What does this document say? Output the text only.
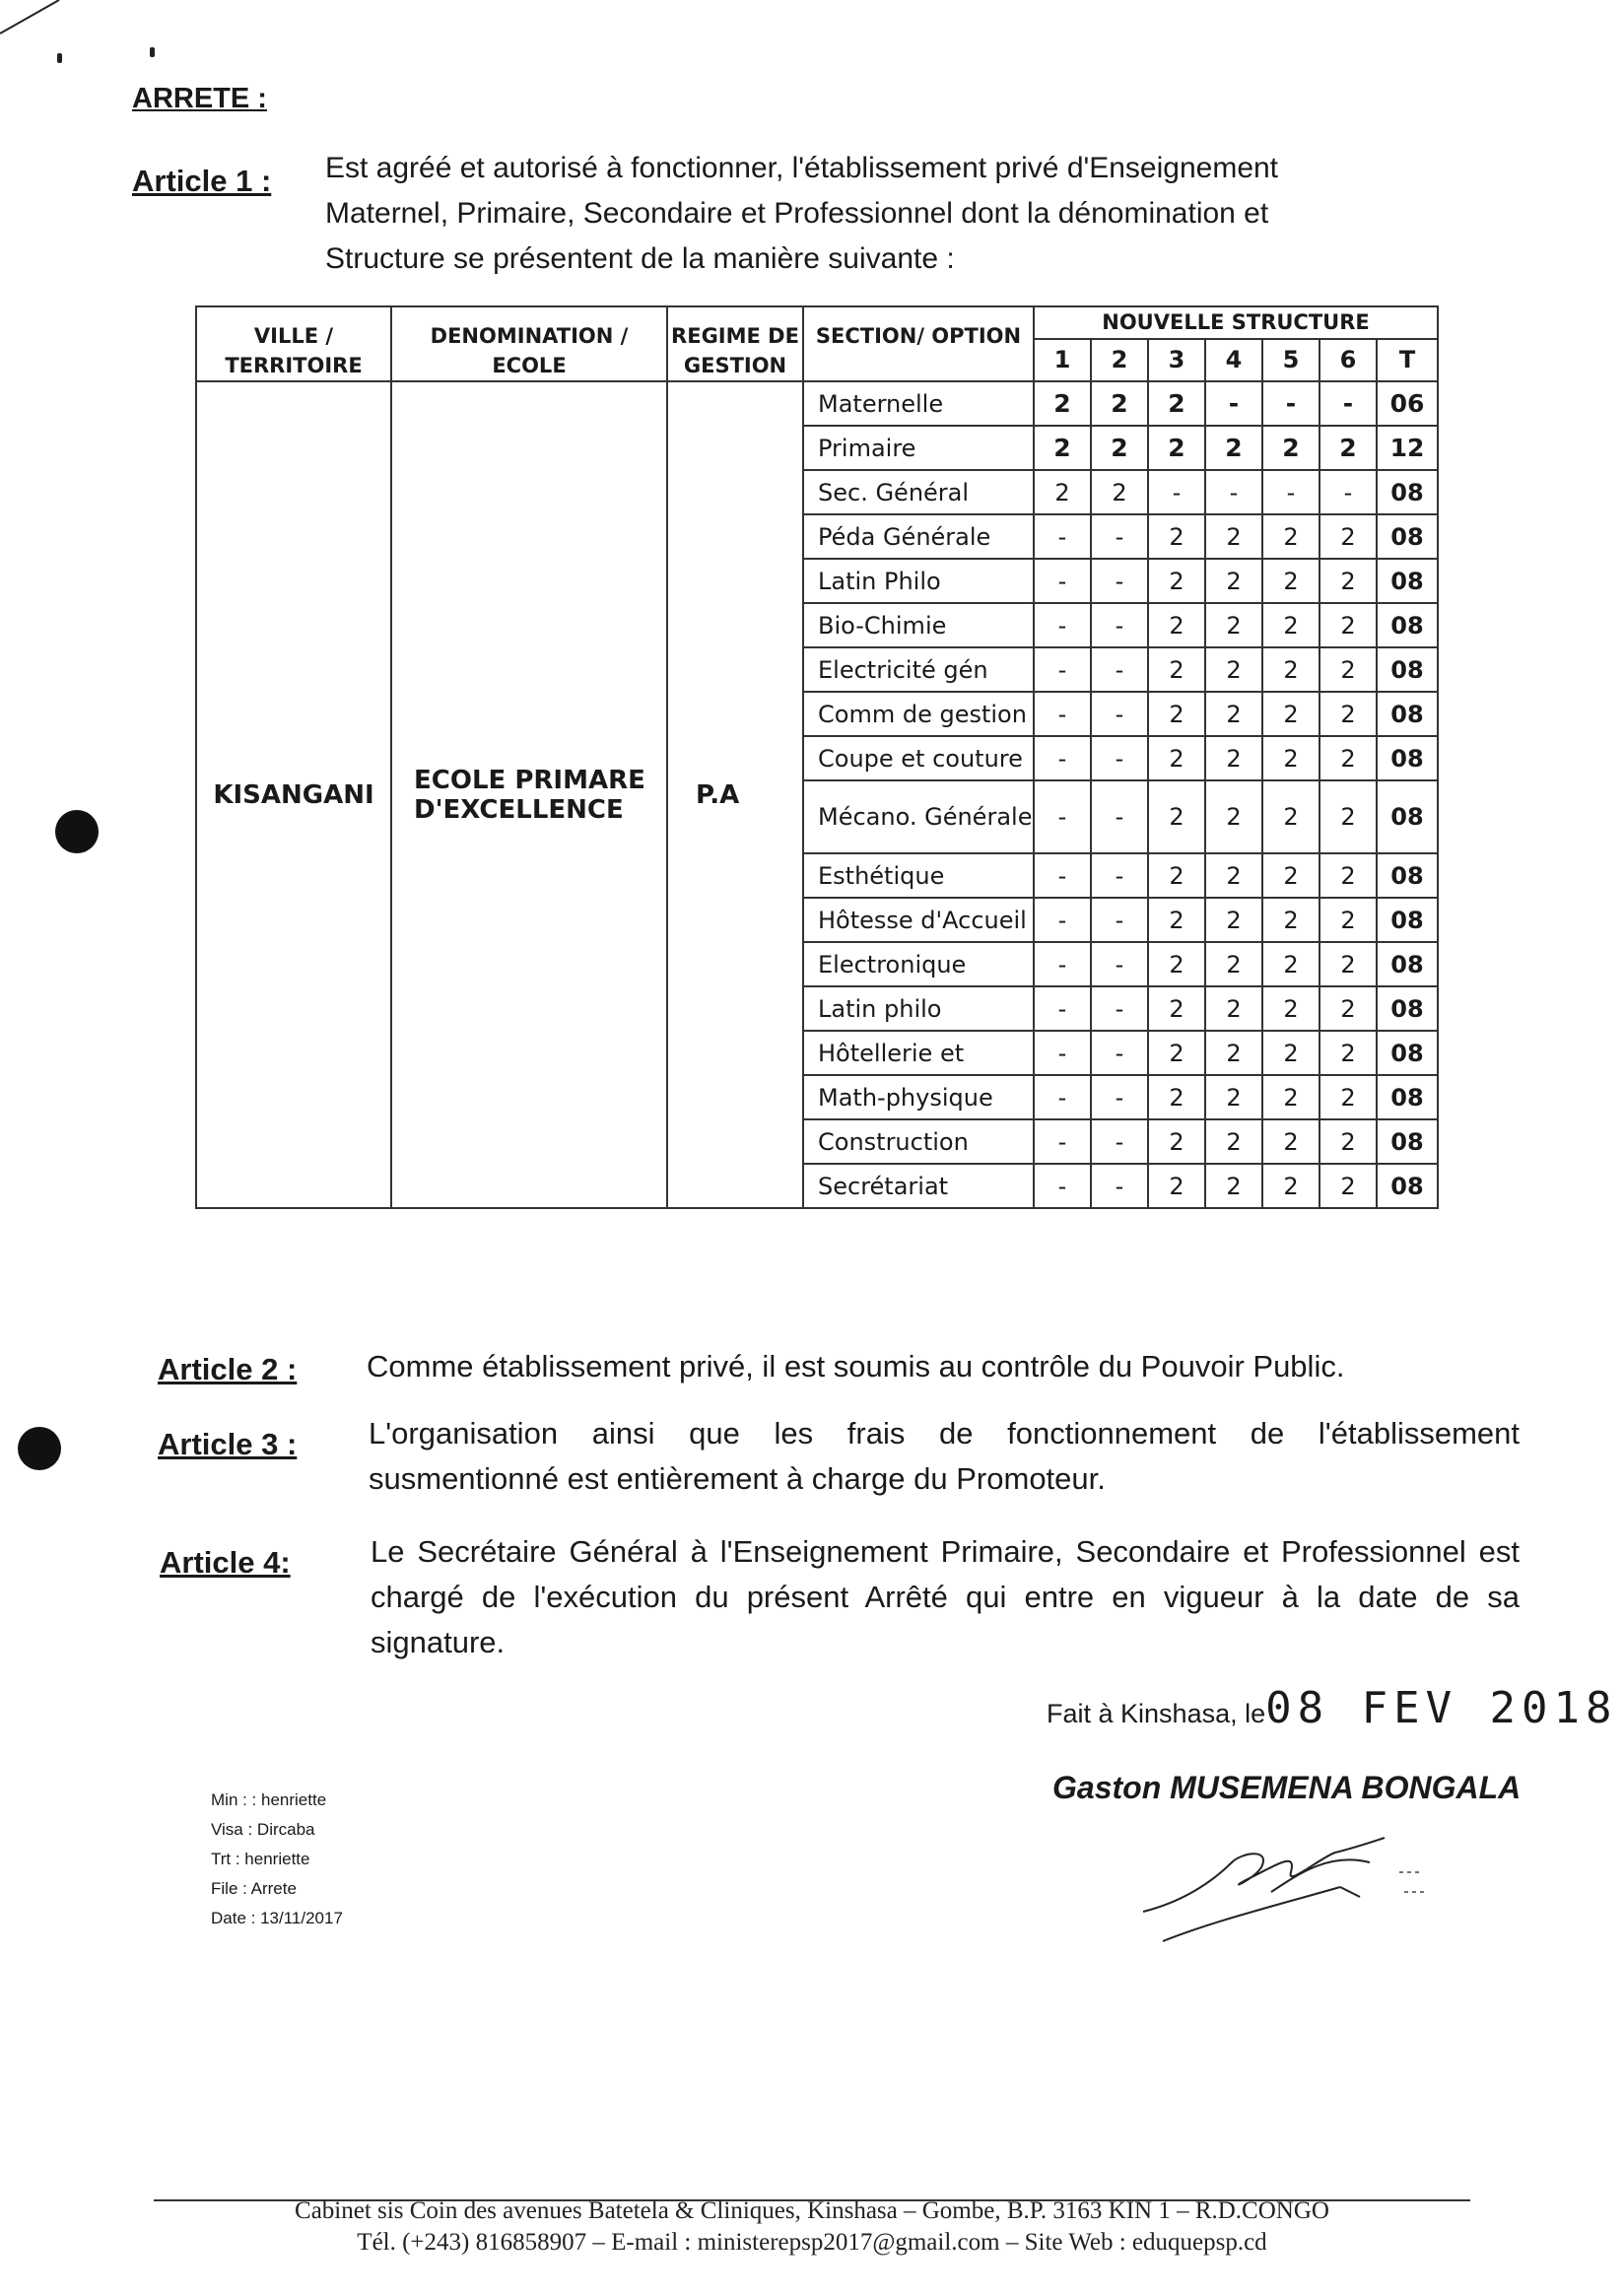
ARRETE :
Article 1 : Est agréé et autorisé à fonctionner, l'établissement privé d'Enseignement
Maternel, Primaire, Secondaire et Professionnel dont la dénomination et
Structure se présentent de la manière suivante :
VILLE / TERRITOIRE	DENOMINATION / ECOLE	REGIME DE GESTION	SECTION/ OPTION	NOUVELLE STRUCTURE						
				1	2	3	4	5	6	T
KISANGANI	ECOLE PRIMARE D'EXCELLENCE	P.A	Maternelle	2	2	2	-	-	-	06
			Primaire	2	2	2	2	2	2	12
			Sec. Général	2	2	-	-	-	-	08
			Péda Générale	-	-	2	2	2	2	08
			Latin Philo	-	-	2	2	2	2	08
			Bio-Chimie	-	-	2	2	2	2	08
			Electricité gén	-	-	2	2	2	2	08
			Comm de gestion	-	-	2	2	2	2	08
			Coupe et couture	-	-	2	2	2	2	08
			Mécano. Générale	-	-	2	2	2	2	08
			Esthétique	-	-	2	2	2	2	08
			Hôtesse d'Accueil	-	-	2	2	2	2	08
			Electronique	-	-	2	2	2	2	08
			Latin philo	-	-	2	2	2	2	08
			Hôtellerie et	-	-	2	2	2	2	08
			Math-physique	-	-	2	2	2	2	08
			Construction	-	-	2	2	2	2	08
			Secrétariat	-	-	2	2	2	2	08
Article 2 : Comme établissement privé, il est soumis au contrôle du Pouvoir Public.
Article 3 : L'organisation ainsi que les frais de fonctionnement de l'établissement
susmentionné est entièrement à charge du Promoteur.
Article 4:	Le Secrétaire Général à l'Enseignement Primaire, Secondaire et Professionnel est
chargé de l'exécution du présent Arrêté qui entre en vigueur à la date de sa
signature.
Fait à Kinshasa, le08 FEV 2018
Gaston MUSEMENA BONGALA
Min : : henriette
Visa : Dircaba
Trt : henriette
File : Arrete
Date : 13/11/2017
Cabinet sis Coin des avenues Batetela & Cliniques, Kinshasa – Gombe, B.P. 3163 KIN 1 – R.D.CONGO
Tél. (+243) 816858907 – E-mail : ministerepsp2017@gmail.com – Site Web : eduquepsp.cd
